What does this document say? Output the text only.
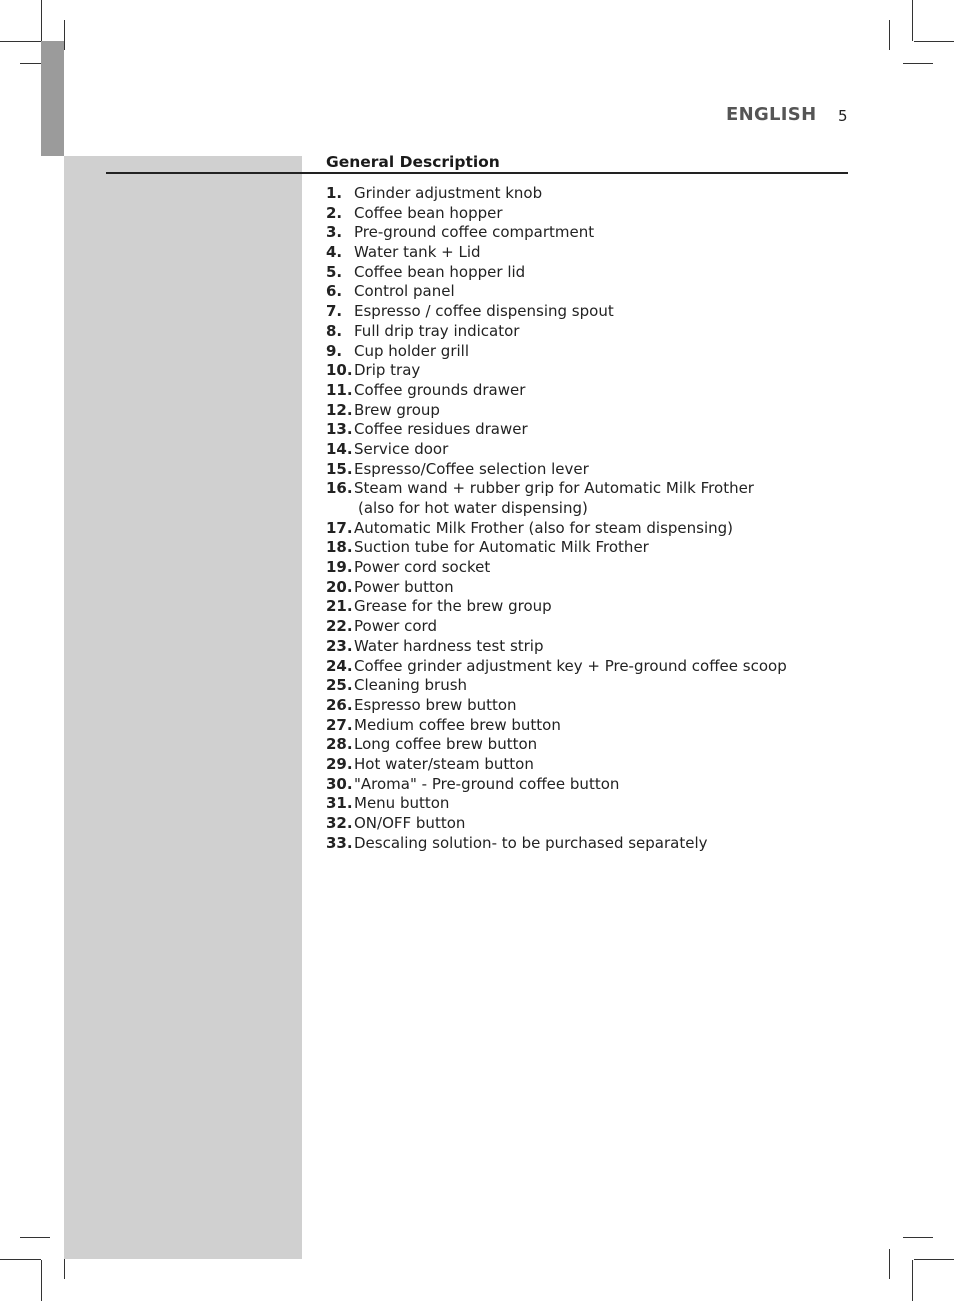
ENGLISH 5
General Description
1. Grinder adjustment knob
2. Coffee bean hopper
3. Pre-ground coffee compartment
4. Water tank + Lid
5. Coffee bean hopper lid
6. Control panel
7. Espresso / coffee dispensing spout
8. Full drip tray indicator
9. Cup holder grill
10.Drip tray
11.Coffee grounds drawer
12.Brew group
13.Coffee residues drawer
14.Service door
15.Espresso/Coffee selection lever
16.Steam wand + rubber grip for Automatic Milk Frother
(also for hot water dispensing)
17.Automatic Milk Frother (also for steam dispensing)
18.Suction tube for Automatic Milk Frother
19.Power cord socket
20.Power button
21.Grease for the brew group
22.Power cord
23.Water hardness test strip
24.Coffee grinder adjustment key + Pre-ground coffee scoop
25.Cleaning brush
26.Espresso brew button
27.Medium coffee brew button
28.Long coffee brew button
29.Hot water/steam button
30."Aroma" - Pre-ground coffee button
31.Menu button
32.ON/OFF button
33.Descaling solution- to be purchased separately
